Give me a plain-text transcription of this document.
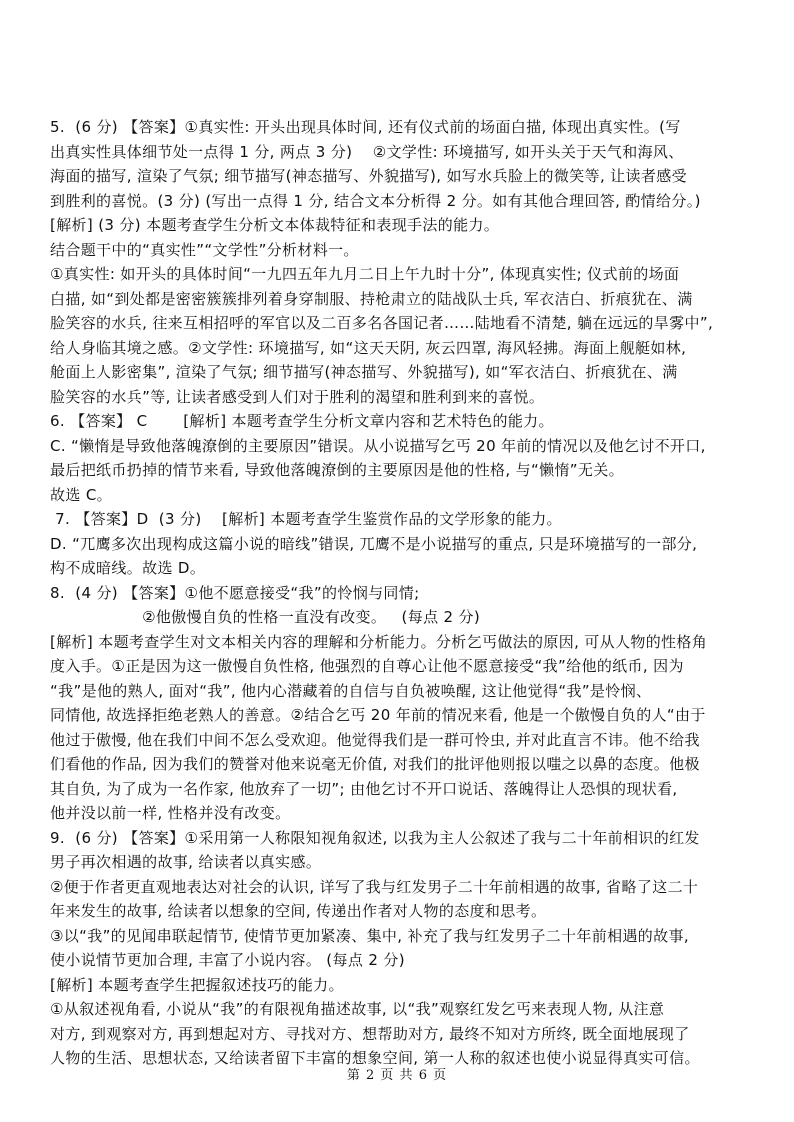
5.  (6 分) 【答案】①真实性: 开头出现具体时间, 还有仪式前的场面白描, 体现出真实性。(写
出真实性具体细节处一点得 1 分, 两点 3 分)    ②文学性: 环境描写, 如开头关于天气和海风、
海面的描写, 渲染了气氛; 细节描写(神态描写、外貌描写), 如写水兵脸上的微笑等, 让读者感受
到胜利的喜悦。(3 分) (写出一点得 1 分, 结合文本分析得 2 分。如有其他合理回答, 酌情给分。)
[解析] (3 分) 本题考查学生分析文本体裁特征和表现手法的能力。
结合题干中的“真实性”“文学性”分析材料一。
①真实性: 如开头的具体时间“一九四五年九月二日上午九时十分”, 体现真实性; 仪式前的场面
白描, 如“到处都是密密簇簇排列着身穿制服、持枪肃立的陆战队士兵, 军衣洁白、折痕犹在、满
脸笑容的水兵, 往来互相招呼的军官以及二百多名各国记者……陆地看不清楚, 躺在远远的旱雾中”,
给人身临其境之感。②文学性: 环境描写, 如“这天天阴, 灰云四罩, 海风轻拂。海面上舰艇如林,
舱面上人影密集”, 渲染了气氛; 细节描写(神态描写、外貌描写), 如“军衣洁白、折痕犹在、满
脸笑容的水兵”等, 让读者感受到人们对于胜利的渴望和胜利到来的喜悦。
6. 【答案】 C       [解析] 本题考查学生分析文章内容和艺术特色的能力。
C. “懒惰是导致他落魄潦倒的主要原因”错误。从小说描写乞丐 20 年前的情况以及他乞讨不开口,
最后把纸币扔掉的情节来看, 导致他落魄潦倒的主要原因是他的性格, 与“懒惰”无关。
故选 C。
7. 【答案】D  (3 分)    [解析] 本题考查学生鉴赏作品的文学形象的能力。
D. “兀鹰多次出现构成这篇小说的暗线”错误, 兀鹰不是小说描写的重点, 只是环境描写的一部分,
构不成暗线。故选 D。
8.  (4 分) 【答案】①他不愿意接受“我”的怜悯与同情;
②他傲慢自负的性格一直没有改变。   (每点 2 分)
[解析] 本题考查学生对文本相关内容的理解和分析能力。分析乞丐做法的原因, 可从人物的性格角
度入手。①正是因为这一傲慢自负性格, 他强烈的自尊心让他不愿意接受“我”给他的纸币, 因为
“我”是他的熟人, 面对“我”, 他内心潜藏着的自信与自负被唤醒, 这让他觉得“我”是怜悯、
同情他, 故选择拒绝老熟人的善意。②结合乞丐 20 年前的情况来看, 他是一个傲慢自负的人“由于
他过于傲慢, 他在我们中间不怎么受欢迎。他觉得我们是一群可怜虫, 并对此直言不讳。他不给我
们看他的作品, 因为我们的赞誉对他来说毫无价值, 对我们的批评他则报以嗤之以鼻的态度。他极
其自负, 为了成为一名作家, 他放弃了一切”; 由他乞讨不开口说话、落魄得让人恐惧的现状看,
他并没以前一样, 性格并没有改变。
9.  (6 分) 【答案】①采用第一人称限知视角叙述, 以我为主人公叙述了我与二十年前相识的红发
男子再次相遇的故事, 给读者以真实感。
②便于作者更直观地表达对社会的认识, 详写了我与红发男子二十年前相遇的故事, 省略了这二十
年来发生的故事, 给读者以想象的空间, 传递出作者对人物的态度和思考。
③以“我”的见闻串联起情节, 使情节更加紧凑、集中, 补充了我与红发男子二十年前相遇的故事,
使小说情节更加合理, 丰富了小说内容。 (每点 2 分)
[解析] 本题考查学生把握叙述技巧的能力。
①从叙述视角看, 小说从“我”的有限视角描述故事, 以“我”观察红发乞丐来表现人物, 从注意
对方, 到观察对方, 再到想起对方、寻找对方、想帮助对方, 最终不知对方所终, 既全面地展现了
人物的生活、思想状态, 又给读者留下丰富的想象空间, 第一人称的叙述也使小说显得真实可信。
第 2 页 共 6 页
